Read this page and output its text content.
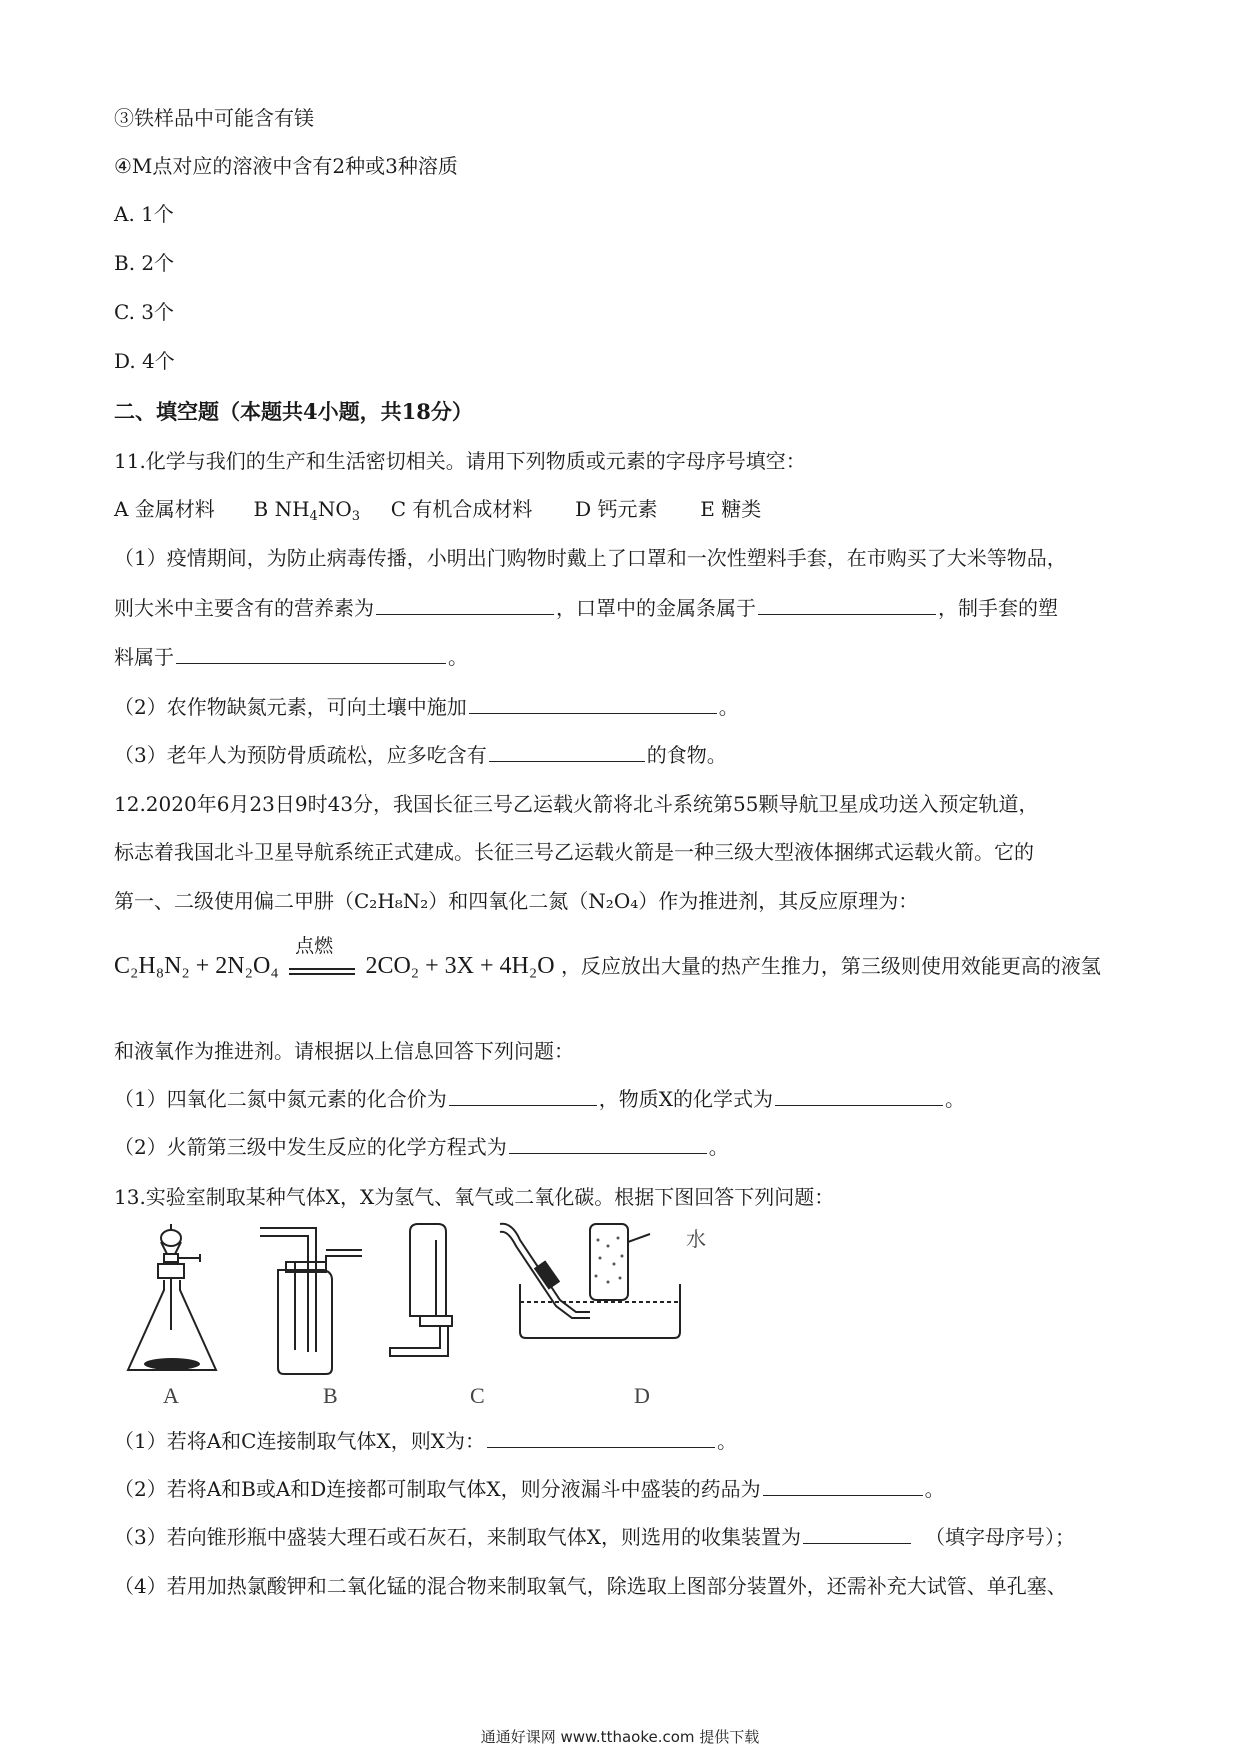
③铁样品中可能含有镁
④M点对应的溶液中含有2种或3种溶质
A. 1个
B. 2个
C. 3个
D. 4个
二、填空题（本题共4小题，共18分）
11.化学与我们的生产和生活密切相关。请用下列物质或元素的字母序号填空：
A 金属材料 B $NH_4NO_3$ C 有机合成材料 D 钙元素 E 糖类
（1）疫情期间，为防止病毒传播，小明出门购物时戴上了口罩和一次性塑料手套，在市购买了大米等物品，
则大米中主要含有的营养素为	，口罩中的金属条属于	，制手套的塑
料属于	。
（2）农作物缺氮元素，可向土壤中施加	。
（3）老年人为预防骨质疏松，应多吃含有	的食物。
12.2020年6月23日9时43分，我国长征三号乙运载火箭将北斗系统第55颗导航卫星成功送入预定轨道，
标志着我国北斗卫星导航系统正式建成。长征三号乙运载火箭是一种三级大型液体捆绑式运载火箭。它的
第一、二级使用偏二甲肼（C₂H₈N₂）和四氧化二氮（N₂O₄）作为推进剂，其反应原理为：
C₂H₈N₂ + 2N₂O₄
点燃
2CO₂ + 3X + 4H₂O ，反应放出大量的热产生推力，第三级则使用效能更高的液氢
和液氧作为推进剂。请根据以上信息回答下列问题：
（1）四氧化二氮中氮元素的化合价为	，物质X的化学式为	。
（2）火箭第三级中发生反应的化学方程式为	。
13.实验室制取某种气体X，X为氢气、氧气或二氧化碳。根据下图回答下列问题：
A	B	C	D
水
（1）若将A和C连接制取气体X，则X为：	。
（2）若将A和B或A和D连接都可制取气体X，则分液漏斗中盛装的药品为	。
（3）若向锥形瓶中盛装大理石或石灰石，来制取气体X，则选用的收集装置为	（填字母序号）；
（4）若用加热氯酸钾和二氧化锰的混合物来制取氧气，除选取上图部分装置外，还需补充大试管、单孔塞、
通通好课网 www.tthaoke.com 提供下载
